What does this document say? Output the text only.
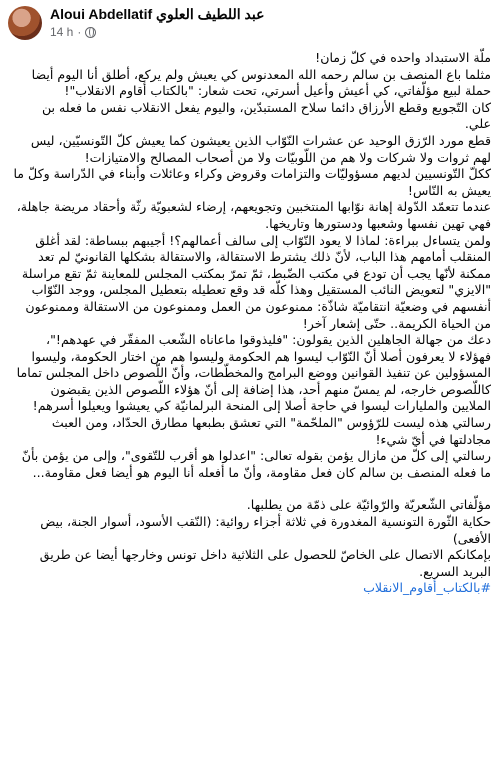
Aloui Abdellatif عبد اللطيف العلوي
14 h ·

ملّة الاستبداد واحده في كلّ زمان!

مثلما باع المنصف بن سالم رحمه الله المعدنوس كي يعيش ولم يركع، أطلق أنا اليوم أيضا حملة لبيع مؤلّفاتي، كي أعيش وأعيل أسرتي، تحت شعار: "بالكتاب أقاوم الانقلاب"!

كان التّجويع وقطع الأرزاق دائما سلاح المستبدّين، واليوم يفعل الانقلاب نفس ما فعله بن علي.

قطع مورد الرّزق الوحيد عن عشرات النّوّاب الذين يعيشون كما يعيش كلّ التّونسيّين، ليس لهم ثروات ولا شركات ولا هم من اللّوبيّات ولا من أصحاب المصالح والامتيازات!

ككلّ التّونسيين لديهم مسؤوليّات والتزامات وقروض وكراء وعائلات وأبناء في الدّراسة وكلّ ما يعيش به النّاس!

عندما تتعمّد الدّولة إهانة نوّابها المنتخبين وتجويعهم، إرضاء لشعبويّة رثّة وأحقاد مريضة جاهلة، فهي تهين نفسها وشعبها ودستورها وتاريخها.

ولمن يتساءل ببراءة: لماذا لا يعود النّوّاب إلى سالف أعمالهم؟! أجيبهم ببساطة: لقد أغلق المنقلب أمامهم هذا الباب، لأنّ ذلك يشترط الاستقالة، والاستقالة بشكلها القانونيّ لم تعد ممكنة لأنّها يجب أن تودع في مكتب الضّبط، ثمّ تمرّ بمكتب المجلس للمعاينة ثمّ تقع مراسلة "الايزي" لتعويض النائب المستقيل وهذا كلّه قد وقع تعطيله بتعطيل المجلس، ووجد النّوّاب أنفسهم في وضعيّة انتقاميّة شاذّة: ممنوعون من العمل وممنوعون من الاستقالة وممنوعون من الحياة الكريمة.. حتّى إشعار آخر!

دعك من جهالة الجاهلين الذين يقولون: "فليذوقوا ماعاناه الشّعب المفقّر في عهدهم!"، فهؤلاء لا يعرفون أصلا أنّ النّوّاب ليسوا هم الحكومة وليسوا هم من اختار الحكومة، وليسوا المسؤولين عن تنفيذ القوانين ووضع البرامج والمخطّطات، وأنّ اللّصوص داخل المجلس تماما كاللّصوص خارجه، لم يمسّ منهم أحد، هذا إضافة إلى أنّ هؤلاء اللّصوص الذين يقبضون الملايين والمليارات ليسوا في حاجة أصلا إلى المنحة البرلمانيّة كي يعيشوا ويعيلوا أسرهم!

رسالتي هذه ليست للرّؤوس "الملحّمة" التي تعشق بطبعها مطارق الحدّاد، ومن العبث مجادلتها في أيّ شيء!

رسالتي إلى كلّ من مازال يؤمن بقوله تعالى: "اعدلوا هو أقرب للتّقوى"، وإلى من يؤمن بأنّ ما فعله المنصف بن سالم كان فعل مقاومة، وأنّ ما أفعله أنا اليوم هو أيضا فعل مقاومة...

مؤلّفاتي الشّعريّة والرّوائيّة على ذمّة من يطلبها.

حكاية الثّورة التونسية المغدورة في ثلاثة أجزاء روائية: (النّقب الأسود، أسوار الجنة، بيض الأفعى)

بإمكانكم الاتصال على الخاصّ للحصول على الثلاثية داخل تونس وخارجها أيضا عن طريق البريد السريع.

#بالكتاب_أقاوم_الانقلاب
